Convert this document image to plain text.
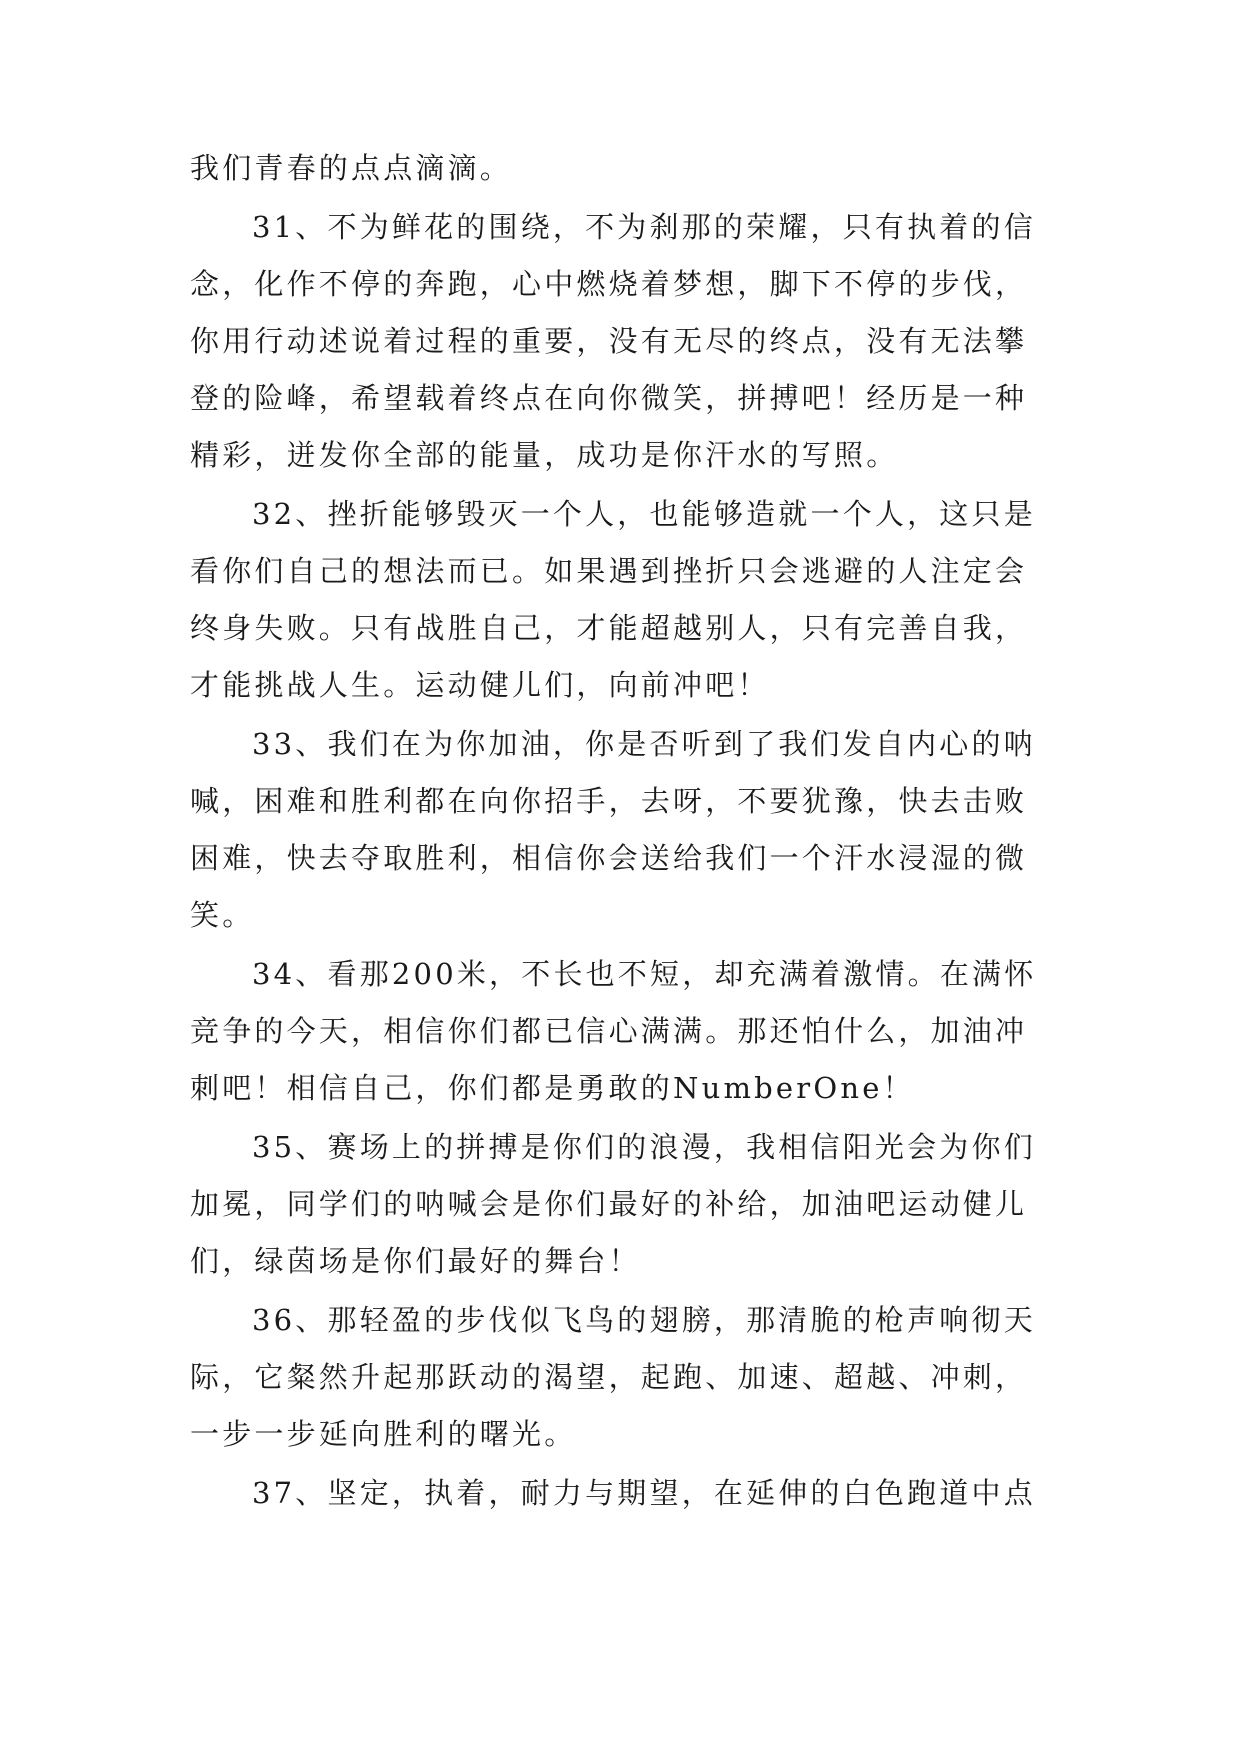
我们青春的点点滴滴。
31、不为鲜花的围绕，不为刹那的荣耀，只有执着的信
念，化作不停的奔跑，心中燃烧着梦想，脚下不停的步伐，
你用行动述说着过程的重要，没有无尽的终点，没有无法攀
登的险峰，希望载着终点在向你微笑，拼搏吧！经历是一种
精彩，迸发你全部的能量，成功是你汗水的写照。
32、挫折能够毁灭一个人，也能够造就一个人，这只是
看你们自己的想法而已。如果遇到挫折只会逃避的人注定会
终身失败。只有战胜自己，才能超越别人，只有完善自我，
才能挑战人生。运动健儿们，向前冲吧！
33、我们在为你加油，你是否听到了我们发自内心的呐
喊，困难和胜利都在向你招手，去呀，不要犹豫，快去击败
困难，快去夺取胜利，相信你会送给我们一个汗水浸湿的微
笑。
34、看那200米，不长也不短，却充满着激情。在满怀
竞争的今天，相信你们都已信心满满。那还怕什么，加油冲
刺吧！相信自己，你们都是勇敢的NumberOne！
35、赛场上的拼搏是你们的浪漫，我相信阳光会为你们
加冕，同学们的呐喊会是你们最好的补给，加油吧运动健儿
们，绿茵场是你们最好的舞台！
36、那轻盈的步伐似飞鸟的翅膀，那清脆的枪声响彻天
际，它粲然升起那跃动的渴望，起跑、加速、超越、冲刺，
一步一步延向胜利的曙光。
37、坚定，执着，耐力与期望，在延伸的白色跑道中点
